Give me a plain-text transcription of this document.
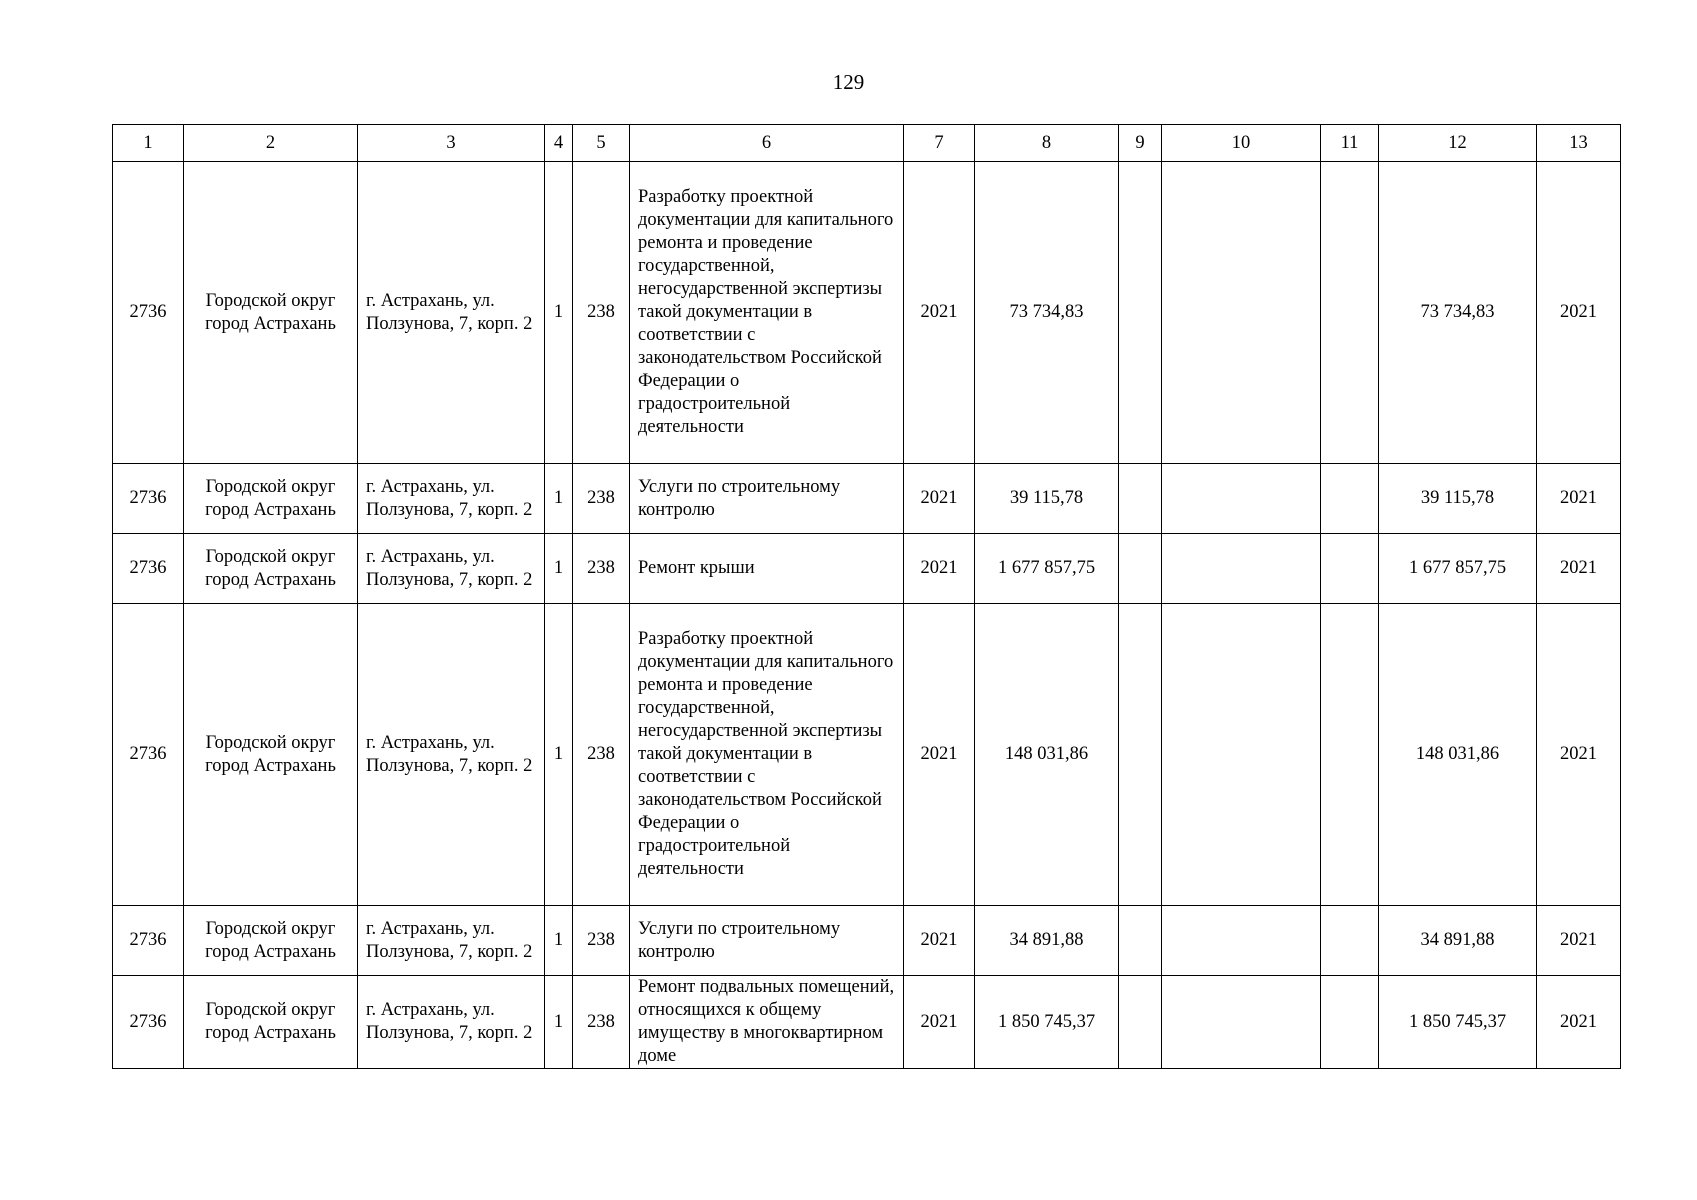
129
1	2	3	4	5	6	7	8	9	10	11	12	13
2736	Городской округ город Астрахань	г. Астрахань, ул. Ползунова, 7, корп. 2	1	238	Разработку проектной документации для капитального ремонта и проведение государственной, негосударственной экспертизы такой документации в соответствии с законодательством Российской Федерации о градостроительной деятельности	2021	73 734,83				73 734,83	2021
2736	Городской округ город Астрахань	г. Астрахань, ул. Ползунова, 7, корп. 2	1	238	Услуги по строительному контролю	2021	39 115,78				39 115,78	2021
2736	Городской округ город Астрахань	г. Астрахань, ул. Ползунова, 7, корп. 2	1	238	Ремонт крыши	2021	1 677 857,75				1 677 857,75	2021
2736	Городской округ город Астрахань	г. Астрахань, ул. Ползунова, 7, корп. 2	1	238	Разработку проектной документации для капитального ремонта и проведение государственной, негосударственной экспертизы такой документации в соответствии с законодательством Российской Федерации о градостроительной деятельности	2021	148 031,86				148 031,86	2021
2736	Городской округ город Астрахань	г. Астрахань, ул. Ползунова, 7, корп. 2	1	238	Услуги по строительному контролю	2021	34 891,88				34 891,88	2021
2736	Городской округ город Астрахань	г. Астрахань, ул. Ползунова, 7, корп. 2	1	238	Ремонт подвальных помещений, относящихся к общему имуществу в многоквартирном доме	2021	1 850 745,37				1 850 745,37	2021
